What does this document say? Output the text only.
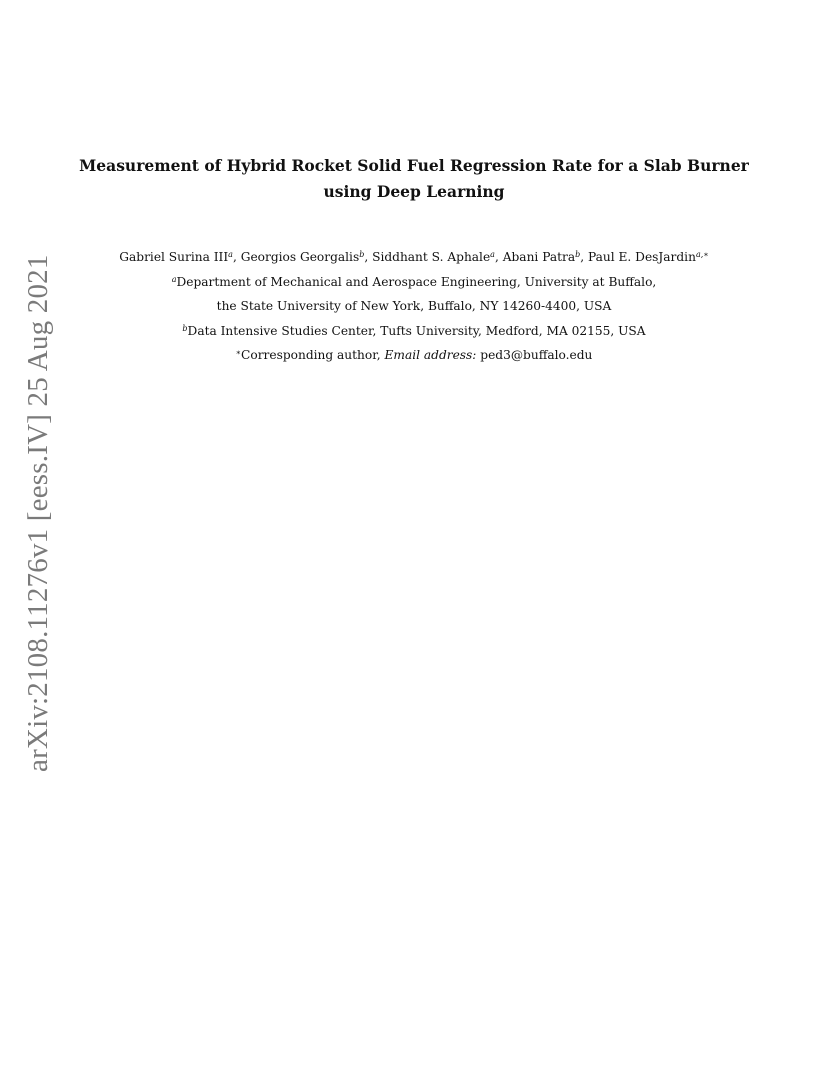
arXiv:2108.11276v1 [eess.IV] 25 Aug 2021
Measurement of Hybrid Rocket Solid Fuel Regression Rate for a Slab Burner
using Deep Learning
Gabriel Surina III$^a$, Georgios Georgalis$^b$, Siddhant S. Aphale$^a$, Abani Patra$^b$, Paul E. DesJardin$^{a,∗}$
$^a$Department of Mechanical and Aerospace Engineering, University at Buffalo,
the State University of New York, Buffalo, NY 14260-4400, USA
$^b$Data Intensive Studies Center, Tufts University, Medford, MA 02155, USA
∗Corresponding author, Email address: ped3@buffalo.edu
